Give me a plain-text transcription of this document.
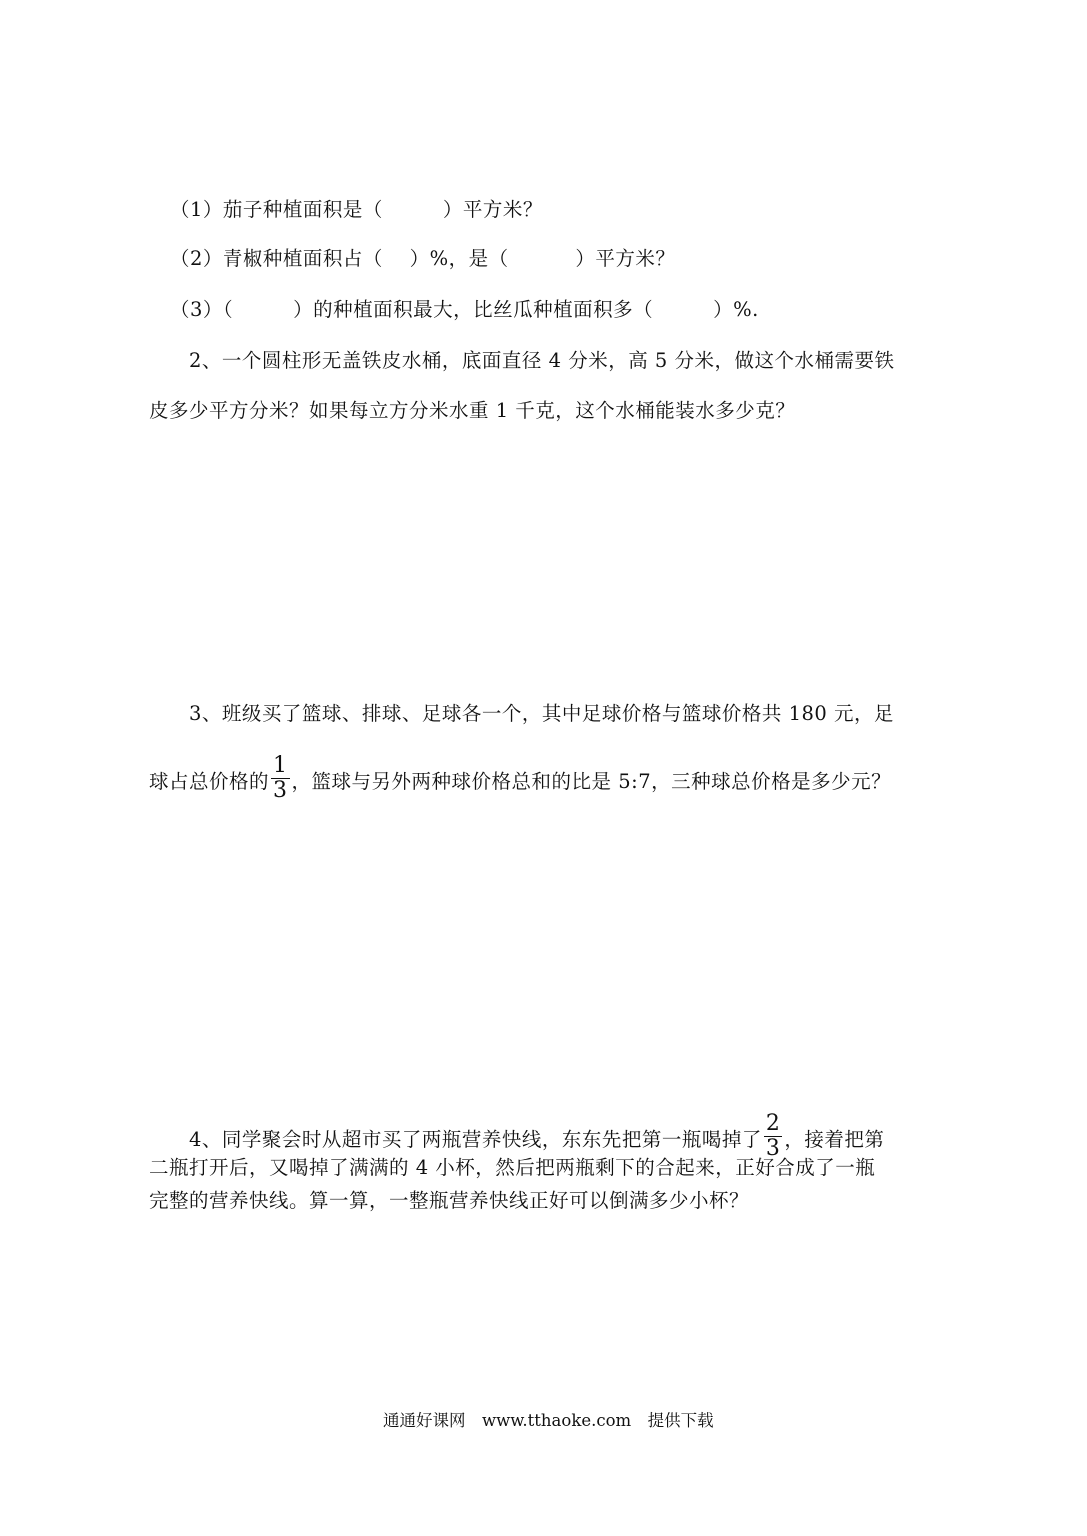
（1）茄子种植面积是（　　　）平方米？
（2）青椒种植面积占（　 ）%，是（　　　 ）平方米？
（3）（　　　）的种植面积最大，比丝瓜种植面积多（　　　）%.
2、一个圆柱形无盖铁皮水桶，底面直径 4 分米，高 5 分米，做这个水桶需要铁
皮多少平方分米？如果每立方分米水重 1 千克，这个水桶能装水多少克？
3、班级买了篮球、排球、足球各一个，其中足球价格与篮球价格共 180 元，足
球占总价格的 $\frac{1}{3}$ ，篮球与另外两种球价格总和的比是 5:7，三种球总价格是多少元？
4、同学聚会时从超市买了两瓶营养快线，东东先把第一瓶喝掉了 $\frac{2}{3}$ ，接着把第
二瓶打开后，又喝掉了满满的 4 小杯，然后把两瓶剩下的合起来，正好合成了一瓶
完整的营养快线。算一算，一整瓶营养快线正好可以倒满多少小杯？
通通好课网　www.tthaoke.com　提供下载
